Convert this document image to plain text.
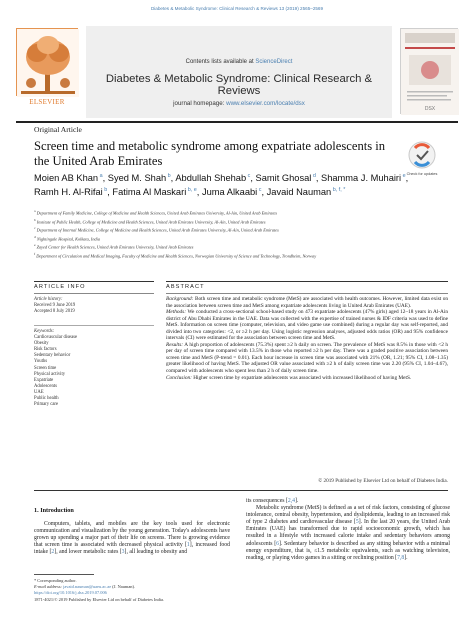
Diabetes & Metabolic Syndrome: Clinical Research & Reviews 13 (2019) 2565–2569
ELSEVIER
Contents lists available at ScienceDirect
Diabetes & Metabolic Syndrome: Clinical Research & Reviews
journal homepage: www.elsevier.com/locate/dsx
DSX
Original Article
Screen time and metabolic syndrome among expatriate adolescents in the United Arab Emirates
Check for updates
Moien AB Khan $^a$, Syed M. Shah $^b$, Abdullah Shehab $^c$, Samit Ghosal $^d$, Shamma J. Muhairi $^e$, Ramh H. Al-Rifai $^b$, Fatima Al Maskari $^{b, e}$, Juma Alkaabi $^c$, Javaid Nauman $^{b, f, *}$
$^a$ Department of Family Medicine, College of Medicine and Health Sciences, United Arab Emirates University, Al-Ain, United Arab Emirates
$^b$ Institute of Public Health, College of Medicine and Health Sciences, United Arab Emirates University, Al-Ain, United Arab Emirates
$^c$ Department of Internal Medicine, College of Medicine and Health Sciences, United Arab Emirates University, Al-Ain, United Arab Emirates
$^d$ Nightingale Hospital, Kolkata, India
$^e$ Zayed Center for Health Sciences, United Arab Emirates University, United Arab Emirates
$^f$ Department of Circulation and Medical Imaging, Faculty of Medicine and Health Sciences, Norwegian University of Science and Technology, Trondheim, Norway
ARTICLE INFO
Article history:
Received 9 June 2019
Accepted 8 July 2019
Keywords:
Cardiovascular disease
Obesity
Risk factors
Sedentary behavior
Youths
Screen time
Physical activity
Expatriate
Adolescents
UAE
Public health
Primary care
ABSTRACT
Background: Both screen time and metabolic syndrome (MetS) are associated with health outcomes. However, limited data exist on the association between screen time and MetS among expatriate adolescents living in United Arab Emirates (UAE).
Methods: We conducted a cross-sectional school-based study on 473 expatriate adolescents (47% girls) aged 12–18 years in Al-Ain district of Abu Dhabi Emirates in the UAE. Data was collected with the expertise of trained nurses & IDF criteria was used to define MetS. Information on screen time (computer, television, and video game use combined) during a regular day was self-reported, and divided into two categories: <2, or ≥2 h per day. Using logistic regression analyses, adjusted odds ratios (OR) and 95% confidence intervals (CI) were estimated for the association between screen time and MetS.
Results: A high proportion of adolescents (75.3%) spent ≥2 h daily on screen. The prevalence of MetS was 8.5% in those with <2 h per day of screen time compared with 13.5% in those who reported ≥2 h per day. There was a graded positive association between screen time and MetS (P-trend = 0.01). Each hour increase in screen time was associated with 21% (OR, 1.21; 95% CI, 1.08–1.35) greater likelihood of having MetS. The adjusted OR value associated with ≥2 h of daily screen time was 2.20 (95% CI, 1.04–4.67), compared with adolescents who spent less than 2 h of daily screen time.
Conclusion: Higher screen time by expatriate adolescents was associated with increased likelihood of having MetS.
© 2019 Published by Elsevier Ltd on behalf of Diabetes India.
1. Introduction
Computers, tablets, and mobiles are the key tools used for electronic communication and visualization by the young generation. Today's adolescents have grown up spending a major part of their life on screens. There is growing evidence that screen time is associated with decreased physical activity [1], increased food intake [2], and lower metabolic rates [3], all leading to obesity and

its consequences [2,4].

Metabolic syndrome (MetS) is defined as a set of risk factors, consisting of glucose intolerance, central obesity, hypertension, and dyslipidemia, leading to an increased risk of type 2 diabetes and cardiovascular disease [5]. In the last 20 years, the United Arab Emirates (UAE) has transformed due to rapid socioeconomic growth, which has resulted in a lifestyle with increased calorie intake and sedentary behaviors among adolescents [6]. Sedentary behavior is described as any sitting behavior with a minimal energy expenditure, that is, ≤1.5 metabolic equivalents, such as watching television, reading, or playing video games in a sitting or reclining position [7,8].

* Corresponding author.
E-mail address: javaid.nauman@uaeu.ac.ae (J. Nauman).
https://doi.org/10.1016/j.dsx.2019.07.006
1871-4021/© 2019 Published by Elsevier Ltd on behalf of Diabetes India.
